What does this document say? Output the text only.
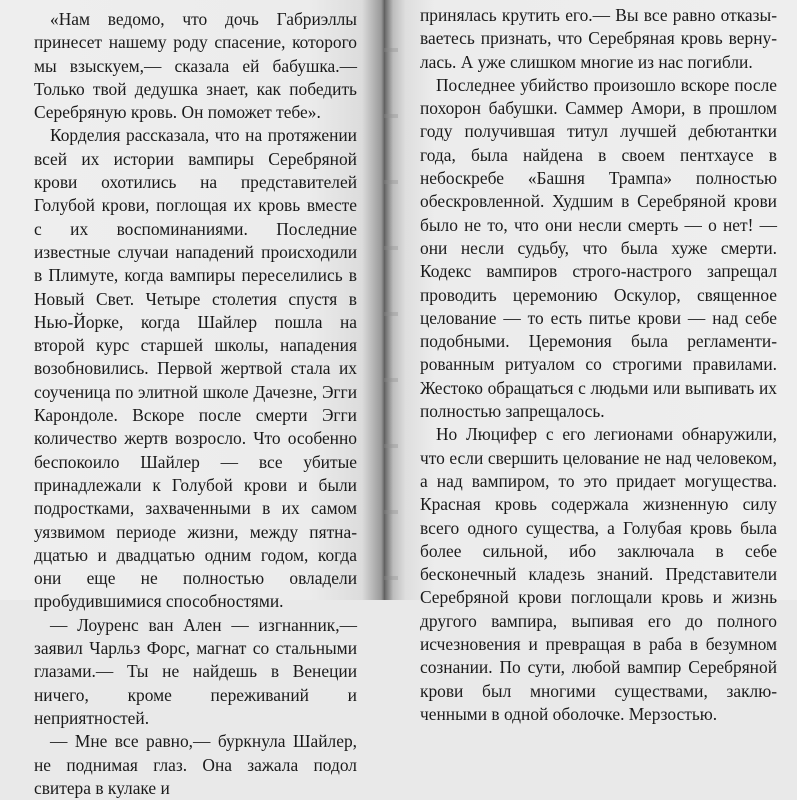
«Нам ведомо, что дочь Габриэллы принесет нашему роду спасение, которого мы взыскуем,— сказала ей бабушка.— Только твой дедушка знает, как победить Серебряную кровь. Он поможет тебе».

Корделия рассказала, что на протяжении всей их истории вампиры Серебряной крови охотились на представителей Голубой крови, поглощая их кровь вместе с их воспоминаниями. Последние известные случаи нападений происходили в Плимуте, когда вампиры переселились в Новый Свет. Четыре столетия спустя в Нью-Йорке, когда Шайлер пошла на второй курс старшей школы, нападения возобновились. Первой жертвой стала их соученица по элитной школе Дачезне, Эгги Карондоле. Вскоре после смерти Эгги количество жертв возросло. Что особенно беспокоило Шайлер — все убитые принадлежали к Голубой крови и были подростками, захваченными в их самом уязвимом периоде жизни, между пятнадцатью и двадцатью одним годом, когда они еще не полностью овладели пробудившимися способностями.

— Лоуренс ван Ален — изгнанник,— заявил Чарльз Форс, магнат со стальными глазами.— Ты не найдешь в Венеции ничего, кроме переживаний и неприятностей.

— Мне все равно,— буркнула Шайлер, не поднимая глаз. Она зажала подол свитера в кулаке и

принялась крутить его.— Вы все равно отказываетесь признать, что Серебряная кровь вернулась. А уже слишком многие из нас погибли.

Последнее убийство произошло вскоре после похорон бабушки. Саммер Амори, в прошлом году получившая титул лучшей дебютантки года, была найдена в своем пентхаусе в небоскребе «Башня Трампа» полностью обескровленной. Худшим в Серебряной крови было не то, что они несли смерть — о нет! — они несли судьбу, что была хуже смерти. Кодекс вампиров строго-настрого запрещал проводить церемонию Оскулор, священное целование — то есть питье крови — над себе подобными. Церемония была регламентированным ритуалом со строгими правилами. Жестоко обращаться с людьми или выпивать их полностью запрещалось.

Но Люцифер с его легионами обнаружили, что если свершить целование не над человеком, а над вампиром, то это придает могущества. Красная кровь содержала жизненную силу всего одного существа, а Голубая кровь была более сильной, ибо заключала в себе бесконечный кладезь знаний. Представители Серебряной крови поглощали кровь и жизнь другого вампира, выпивая его до полного исчезновения и превращая в раба в безумном сознании. По сути, любой вампир Серебряной крови был многими существами, заключенными в одной оболочке. Мерзостью.
